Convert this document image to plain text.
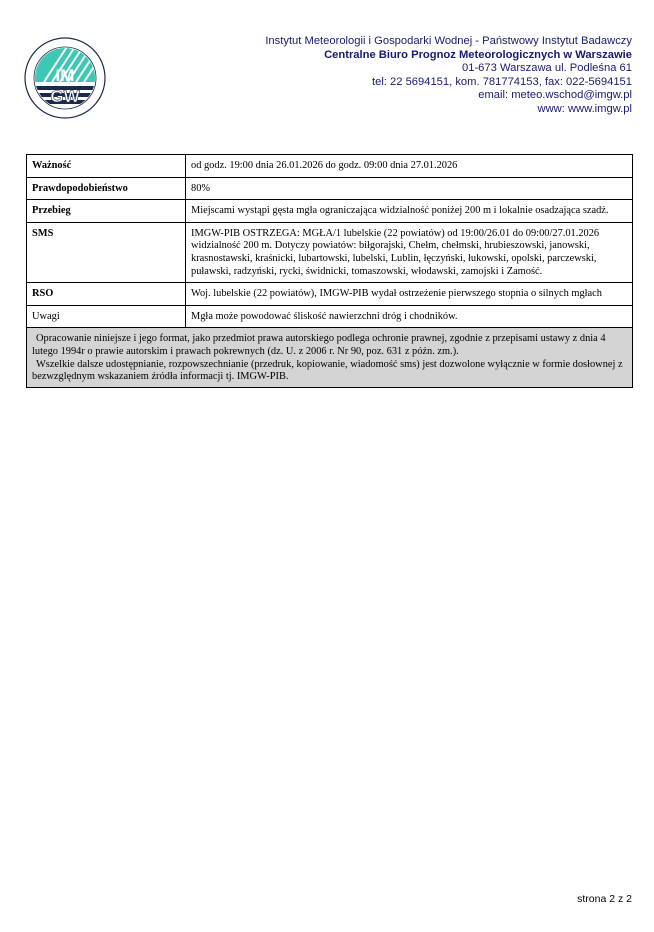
IM
GW
Instytut Meteorologii i Gospodarki Wodnej - Państwowy Instytut Badawczy
Centralne Biuro Prognoz Meteorologicznych w Warszawie
01-673 Warszawa ul. Podleśna 61
tel: 22 5694151, kom. 781774153, fax: 022-5694151
email: meteo.wschod@imgw.pl
www: www.imgw.pl
Ważność	od godz. 19:00 dnia 26.01.2026 do godz. 09:00 dnia 27.01.2026
Prawdopodobieństwo	80%
Przebieg	Miejscami wystąpi gęsta mgła ograniczająca widzialność poniżej 200 m i lokalnie osadzająca szadź.
SMS	IMGW-PIB OSTRZEGA: MGŁA/1 lubelskie (22 powiatów) od 19:00/26.01 do 09:00/27.01.2026 widzialność 200 m. Dotyczy powiatów: biłgorajski, Chełm, chełmski, hrubieszowski, janowski, krasnostawski, kraśnicki, lubartowski, lubelski, Lublin, łęczyński, łukowski, opolski, parczewski, puławski, radzyński, rycki, świdnicki, tomaszowski, włodawski, zamojski i Zamość.
RSO	Woj. lubelskie (22 powiatów), IMGW-PIB wydał ostrzeżenie pierwszego stopnia o silnych mgłach
Uwagi	Mgła może powodować śliskość nawierzchni dróg i chodników.

Opracowanie niniejsze i jego format, jako przedmiot prawa autorskiego podlega ochronie prawnej, zgodnie z przepisami ustawy z dnia 4 lutego 1994r o prawie autorskim i prawach pokrewnych (dz. U. z 2006 r. Nr 90, poz. 631 z późn. zm.).
Wszelkie dalsze udostępnianie, rozpowszechnianie (przedruk, kopiowanie, wiadomość sms) jest dozwolone wyłącznie w formie dosłownej z bezwzględnym wskazaniem źródła informacji tj. IMGW-PIB.	
strona 2 z 2
